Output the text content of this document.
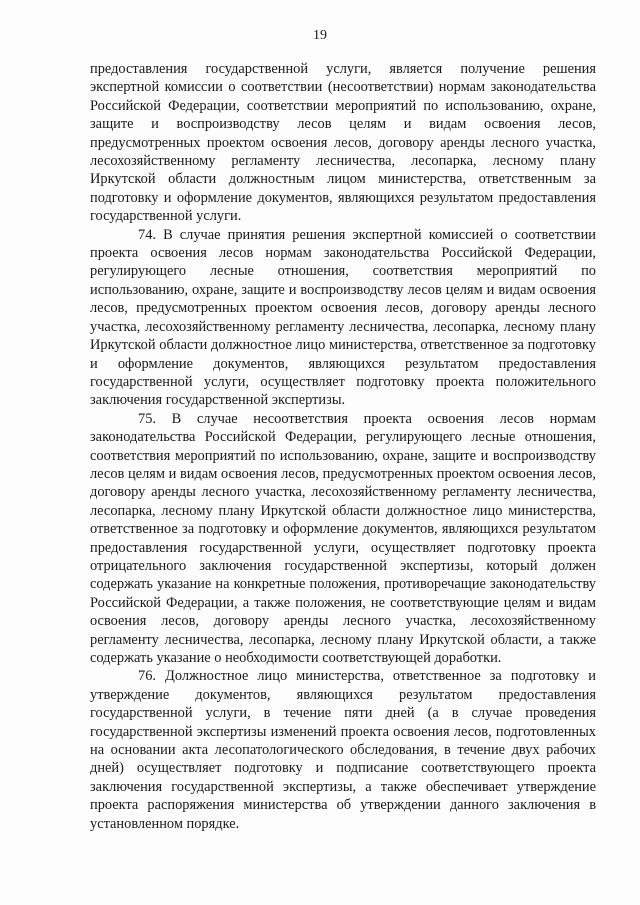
19

предоставления государственной услуги, является получение решения экспертной комиссии о соответствии (несоответствии) нормам законодательства Российской Федерации, соответствии мероприятий по использованию, охране, защите и воспроизводству лесов целям и видам освоения лесов, предусмотренных проектом освоения лесов, договору аренды лесного участка, лесохозяйственному регламенту лесничества, лесопарка, лесному плану Иркутской области должностным лицом министерства, ответственным за подготовку и оформление документов, являющихся результатом предоставления государственной услуги.

74. В случае принятия решения экспертной комиссией о соответствии проекта освоения лесов нормам законодательства Российской Федерации, регулирующего лесные отношения, соответствия мероприятий по использованию, охране, защите и воспроизводству лесов целям и видам освоения лесов, предусмотренных проектом освоения лесов, договору аренды лесного участка, лесохозяйственному регламенту лесничества, лесопарка, лесному плану Иркутской области должностное лицо министерства, ответственное за подготовку и оформление документов, являющихся результатом предоставления государственной услуги, осуществляет подготовку проекта положительного заключения государственной экспертизы.

75. В случае несоответствия проекта освоения лесов нормам законодательства Российской Федерации, регулирующего лесные отношения, соответствия мероприятий по использованию, охране, защите и воспроизводству лесов целям и видам освоения лесов, предусмотренных проектом освоения лесов, договору аренды лесного участка, лесохозяйственному регламенту лесничества, лесопарка, лесному плану Иркутской области должностное лицо министерства, ответственное за подготовку и оформление документов, являющихся результатом предоставления государственной услуги, осуществляет подготовку проекта отрицательного заключения государственной экспертизы, который должен содержать указание на конкретные положения, противоречащие законодательству Российской Федерации, а также положения, не соответствующие целям и видам освоения лесов, договору аренды лесного участка, лесохозяйственному регламенту лесничества, лесопарка, лесному плану Иркутской области, а также содержать указание о необходимости соответствующей доработки.

76. Должностное лицо министерства, ответственное за подготовку и утверждение документов, являющихся результатом предоставления государственной услуги, в течение пяти дней (а в случае проведения государственной экспертизы изменений проекта освоения лесов, подготовленных на основании акта лесопатологического обследования, в течение двух рабочих дней) осуществляет подготовку и подписание соответствующего проекта заключения государственной экспертизы, а также обеспечивает утверждение проекта распоряжения министерства об утверждении данного заключения в установленном порядке.
